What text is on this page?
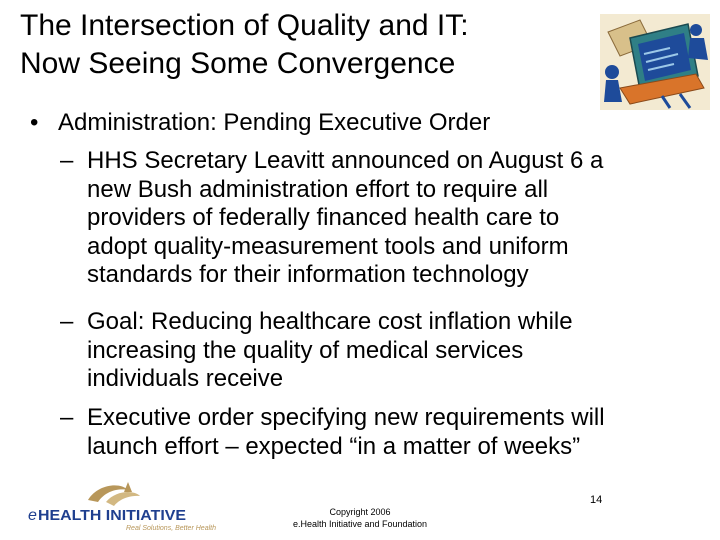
The Intersection of Quality and IT:
Now Seeing Some Convergence
• Administration: Pending Executive Order
– HHS Secretary Leavitt announced on August 6 a
new Bush administration effort to require all
providers of federally financed health care to
adopt quality-measurement tools and uniform
standards for their information technology
– Goal: Reducing healthcare cost inflation while
increasing the quality of medical services
individuals receive
– Executive order specifying new requirements will
launch effort – expected “in a matter of weeks”
e HEALTH INITIATIVE
Real Solutions, Better Health
Copyright 2006
e.Health Initiative and Foundation
14
